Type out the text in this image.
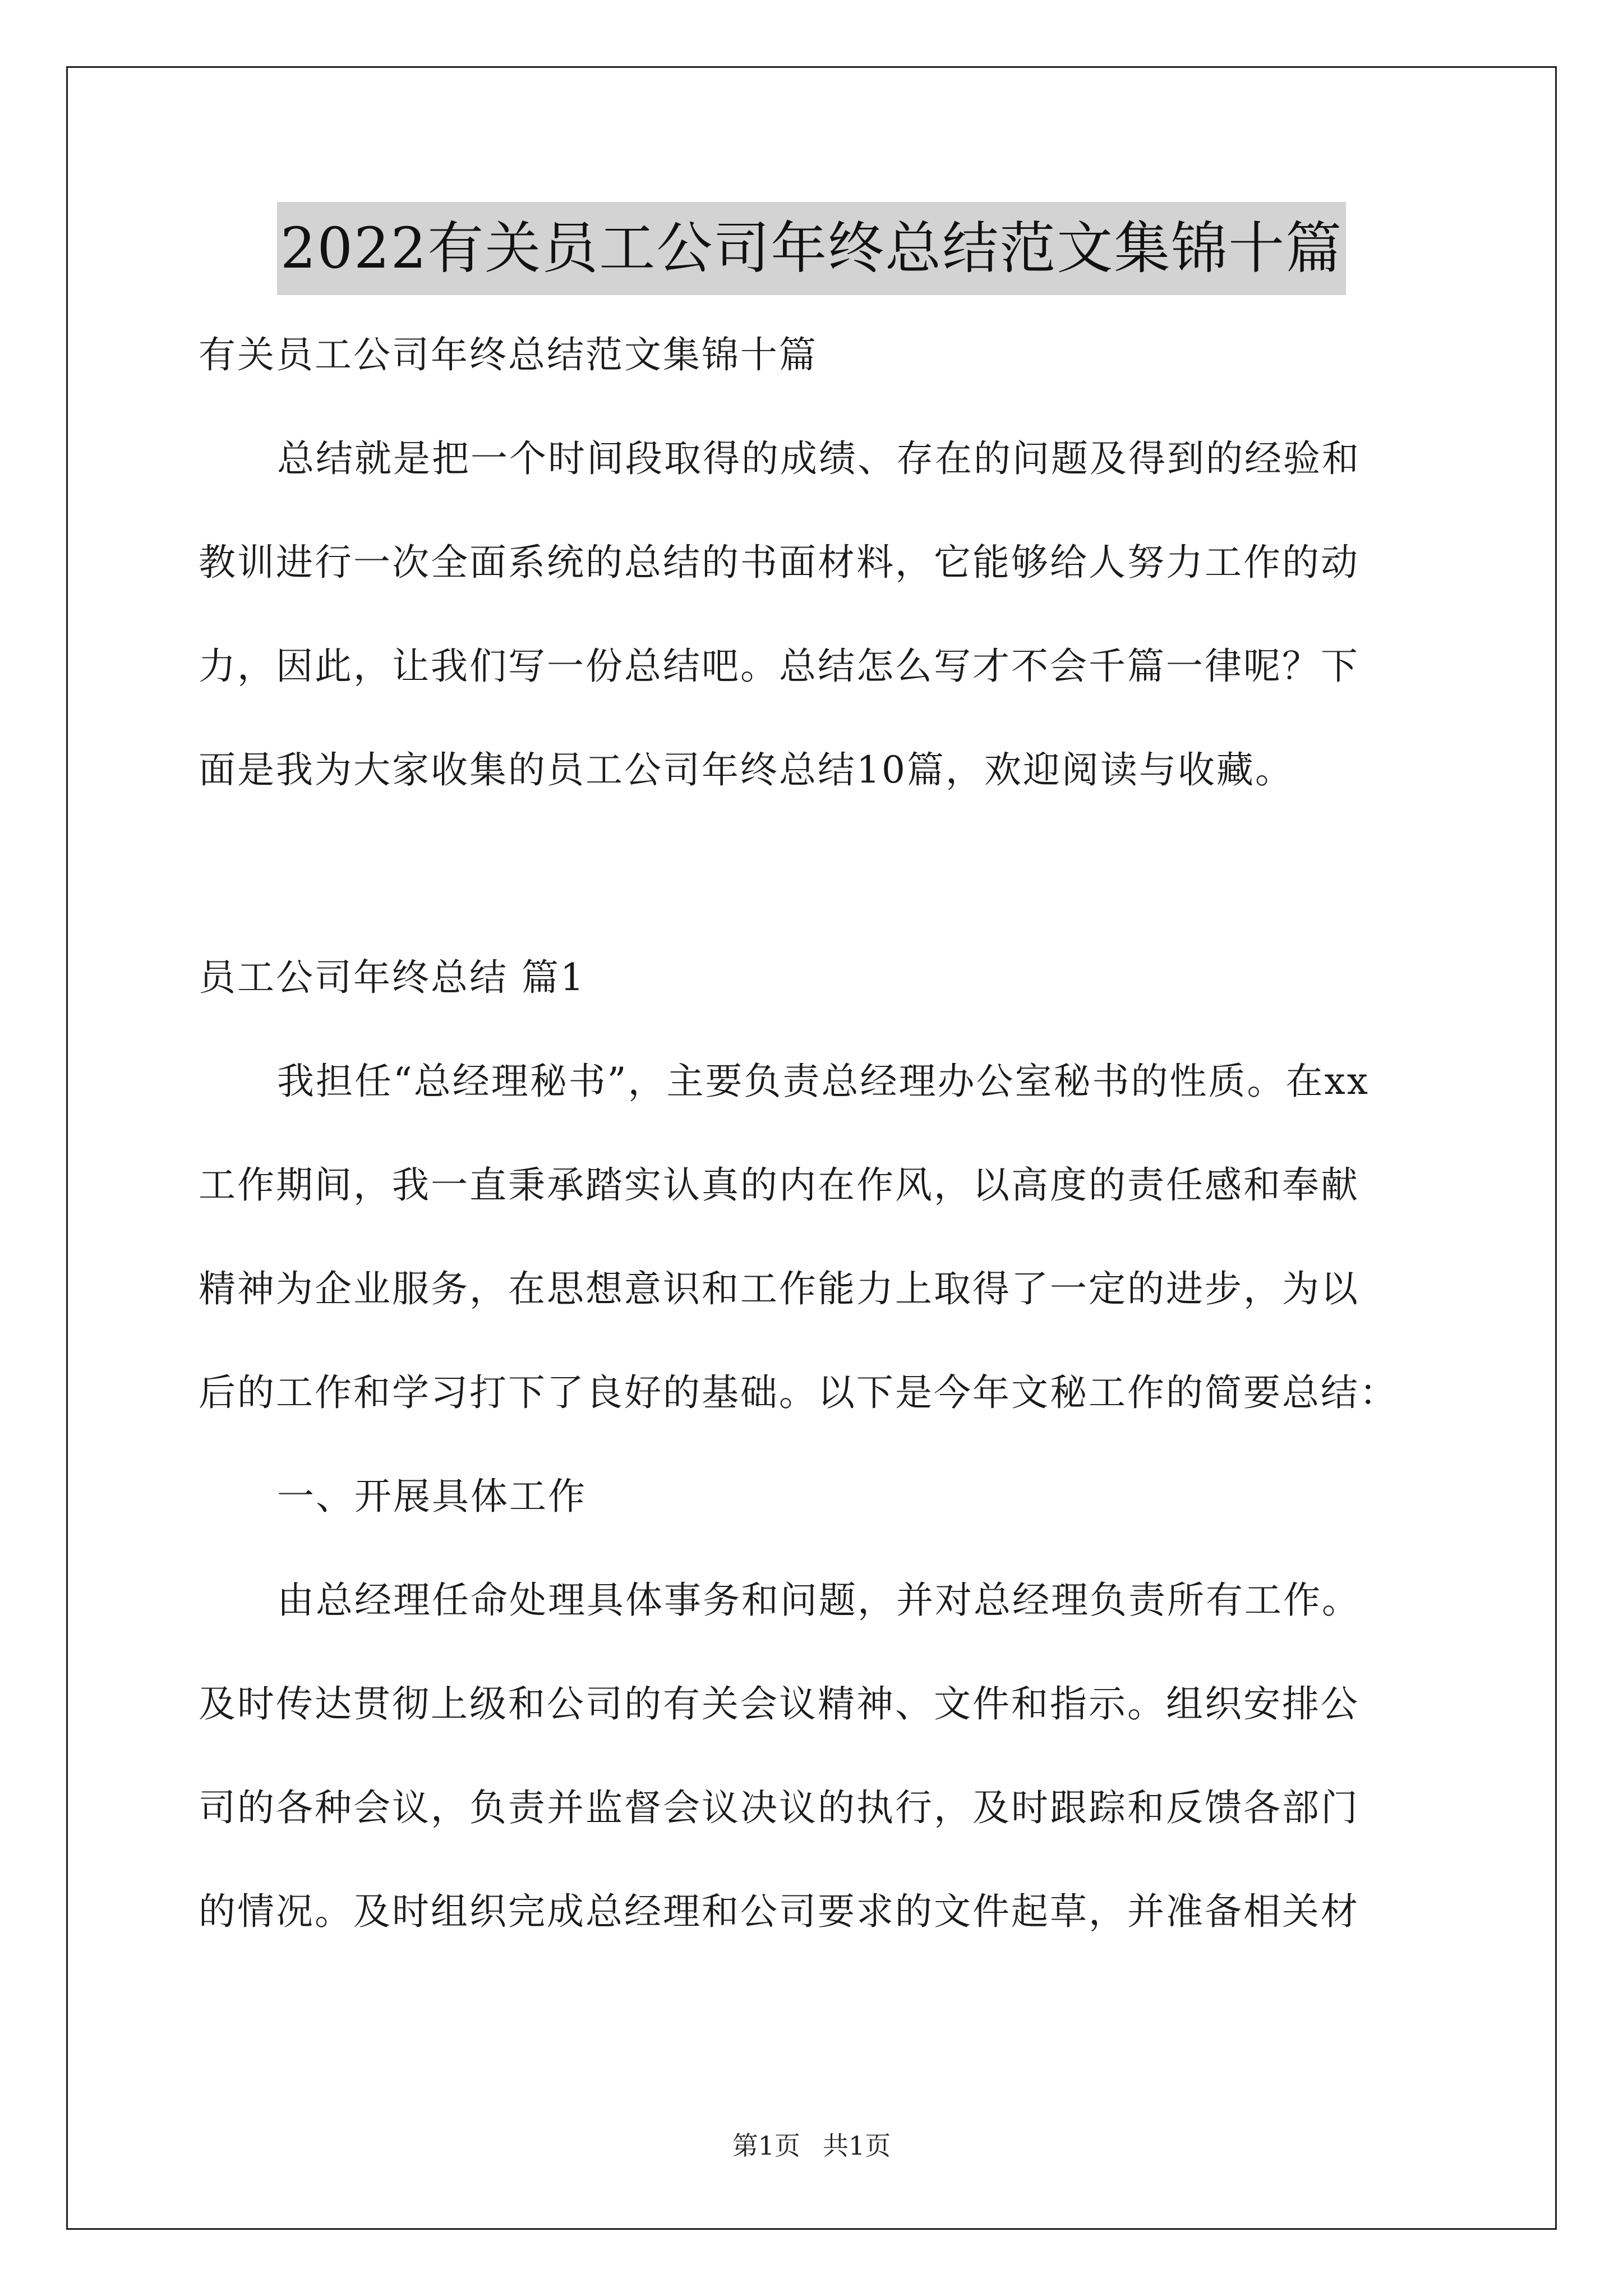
2022有关员工公司年终总结范文集锦十篇
有关员工公司年终总结范文集锦十篇
总结就是把一个时间段取得的成绩、存在的问题及得到的经验和
教训进行一次全面系统的总结的书面材料，它能够给人努力工作的动
力，因此，让我们写一份总结吧。总结怎么写才不会千篇一律呢？下
面是我为大家收集的员工公司年终总结10篇，欢迎阅读与收藏。
员工公司年终总结 篇1
我担任“总经理秘书”，主要负责总经理办公室秘书的性质。在xx
工作期间，我一直秉承踏实认真的内在作风，以高度的责任感和奉献
精神为企业服务，在思想意识和工作能力上取得了一定的进步，为以
后的工作和学习打下了良好的基础。以下是今年文秘工作的简要总结：
一、开展具体工作
由总经理任命处理具体事务和问题，并对总经理负责所有工作。
及时传达贯彻上级和公司的有关会议精神、文件和指示。组织安排公
司的各种会议，负责并监督会议决议的执行，及时跟踪和反馈各部门
的情况。及时组织完成总经理和公司要求的文件起草，并准备相关材
第1页 共1页
